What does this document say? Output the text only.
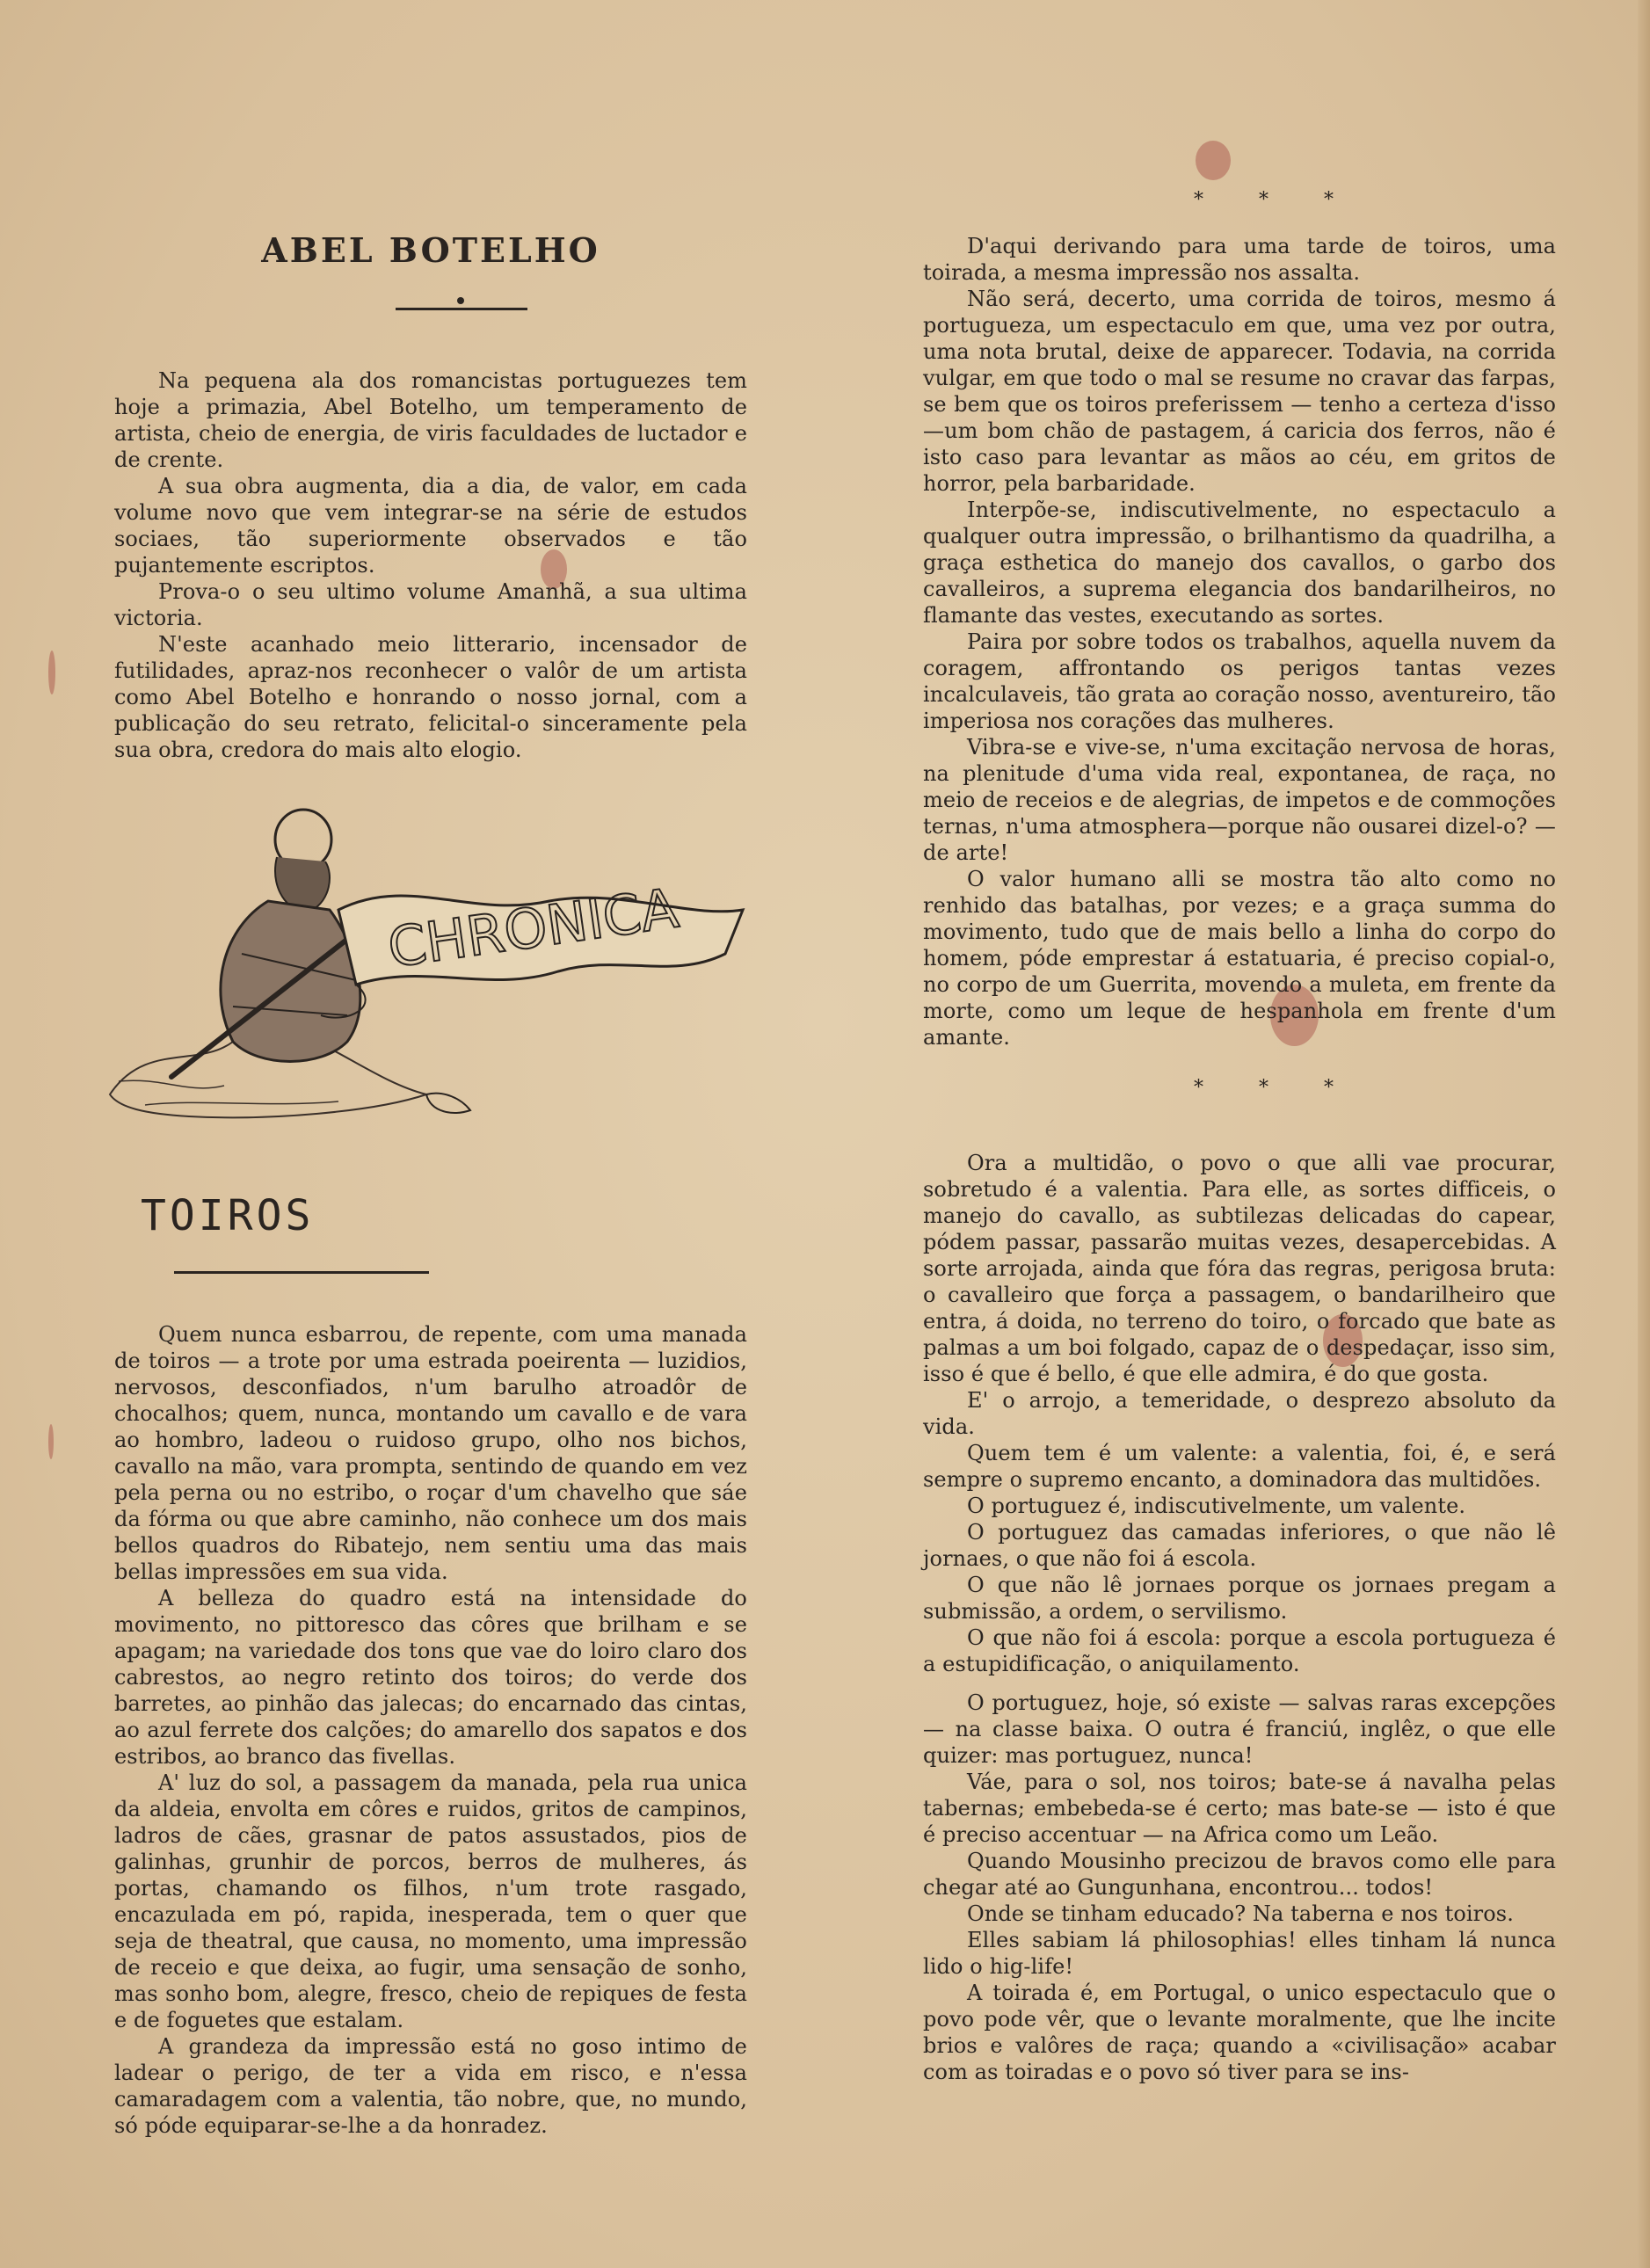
ABEL BOTELHO

Na pequena ala dos romancistas portuguezes tem hoje a primazia, Abel Botelho, um temperamento de artista, cheio de energia, de viris faculdades de luctador e de crente.

A sua obra augmenta, dia a dia, de valor, em cada volume novo que vem integrar-se na série de estudos sociaes, tão superiormente observados e tão pujantemente escriptos.

Prova-o o seu ultimo volume Amanhã, a sua ultima victoria.

N'este acanhado meio litterario, incensador de futilidades, apraz-nos reconhecer o valôr de um artista como Abel Botelho e honrando o nosso jornal, com a publicação do seu retrato, felicital-o sinceramente pela sua obra, credora do mais alto elogio.

CHRONICA
TOIROS

Quem nunca esbarrou, de repente, com uma manada de toiros — a trote por uma estrada poeirenta — luzidios, nervosos, desconfiados, n'um barulho atroadôr de chocalhos; quem, nunca, montando um cavallo e de vara ao hombro, ladeou o ruidoso grupo, olho nos bichos, cavallo na mão, vara prompta, sentindo de quando em vez pela perna ou no estribo, o roçar d'um chavelho que sáe da fórma ou que abre caminho, não conhece um dos mais bellos quadros do Ribatejo, nem sentiu uma das mais bellas impressões em sua vida.

A belleza do quadro está na intensidade do movimento, no pittoresco das côres que brilham e se apagam; na variedade dos tons que vae do loiro claro dos cabrestos, ao negro retinto dos toiros; do verde dos barretes, ao pinhão das jalecas; do encarnado das cintas, ao azul ferrete dos calções; do amarello dos sapatos e dos estribos, ao branco das fivellas.

A' luz do sol, a passagem da manada, pela rua unica da aldeia, envolta em côres e ruidos, gritos de campinos, ladros de cães, grasnar de patos assustados, pios de galinhas, grunhir de porcos, berros de mulheres, ás portas, chamando os filhos, n'um trote rasgado, encazulada em pó, rapida, inesperada, tem o quer que seja de theatral, que causa, no momento, uma impressão de receio e que deixa, ao fugir, uma sensação de sonho, mas sonho bom, alegre, fresco, cheio de repiques de festa e de foguetes que estalam.

A grandeza da impressão está no goso intimo de ladear o perigo, de ter a vida em risco, e n'essa camaradagem com a valentia, tão nobre, que, no mundo, só póde equiparar-se-lhe a da honradez.

* * *

D'aqui derivando para uma tarde de toiros, uma toirada, a mesma impressão nos assalta.

Não será, decerto, uma corrida de toiros, mesmo á portugueza, um espectaculo em que, uma vez por outra, uma nota brutal, deixe de apparecer. Todavia, na corrida vulgar, em que todo o mal se resume no cravar das farpas, se bem que os toiros preferissem — tenho a certeza d'isso—um bom chão de pastagem, á caricia dos ferros, não é isto caso para levantar as mãos ao céu, em gritos de horror, pela barbaridade.

Interpõe-se, indiscutivelmente, no espectaculo a qualquer outra impressão, o brilhantismo da quadrilha, a graça esthetica do manejo dos cavallos, o garbo dos cavalleiros, a suprema elegancia dos bandarilheiros, no flamante das vestes, executando as sortes.

Paira por sobre todos os trabalhos, aquella nuvem da coragem, affrontando os perigos tantas vezes incalculaveis, tão grata ao coração nosso, aventureiro, tão imperiosa nos corações das mulheres.

Vibra-se e vive-se, n'uma excitação nervosa de horas, na plenitude d'uma vida real, expontanea, de raça, no meio de receios e de alegrias, de impetos e de commoções ternas, n'uma atmosphera—porque não ousarei dizel-o? — de arte!

O valor humano alli se mostra tão alto como no renhido das batalhas, por vezes; e a graça summa do movimento, tudo que de mais bello a linha do corpo do homem, póde emprestar á estatuaria, é preciso copial-o, no corpo de um Guerrita, movendo a muleta, em frente da morte, como um leque de hespanhola em frente d'um amante.

* * *

Ora a multidão, o povo o que alli vae procurar, sobretudo é a valentia. Para elle, as sortes difficeis, o manejo do cavallo, as subtilezas delicadas do capear, pódem passar, passarão muitas vezes, desapercebidas. A sorte arrojada, ainda que fóra das regras, perigosa bruta: o cavalleiro que força a passagem, o bandarilheiro que entra, á doida, no terreno do toiro, o forcado que bate as palmas a um boi folgado, capaz de o despedaçar, isso sim, isso é que é bello, é que elle admira, é do que gosta.

E' o arrojo, a temeridade, o desprezo absoluto da vida.

Quem tem é um valente: a valentia, foi, é, e será sempre o supremo encanto, a dominadora das multidões.

O portuguez é, indiscutivelmente, um valente.

O portuguez das camadas inferiores, o que não lê jornaes, o que não foi á escola.

O que não lê jornaes porque os jornaes pregam a submissão, a ordem, o servilismo.

O que não foi á escola: porque a escola portugueza é a estupidificação, o aniquilamento.

O portuguez, hoje, só existe — salvas raras excepções — na classe baixa. O outra é franciú, inglêz, o que elle quizer: mas portuguez, nunca!

Váe, para o sol, nos toiros; bate-se á navalha pelas tabernas; embebeda-se é certo; mas bate-se — isto é que é preciso accentuar — na Africa como um Leão.

Quando Mousinho precizou de bravos como elle para chegar até ao Gungunhana, encontrou... todos!

Onde se tinham educado? Na taberna e nos toiros.

Elles sabiam lá philosophias! elles tinham lá nunca lido o hig-life!

A toirada é, em Portugal, o unico espectaculo que o povo pode vêr, que o levante moralmente, que lhe incite brios e valôres de raça; quando a «civilisação» acabar com as toiradas e o povo só tiver para se ins-
